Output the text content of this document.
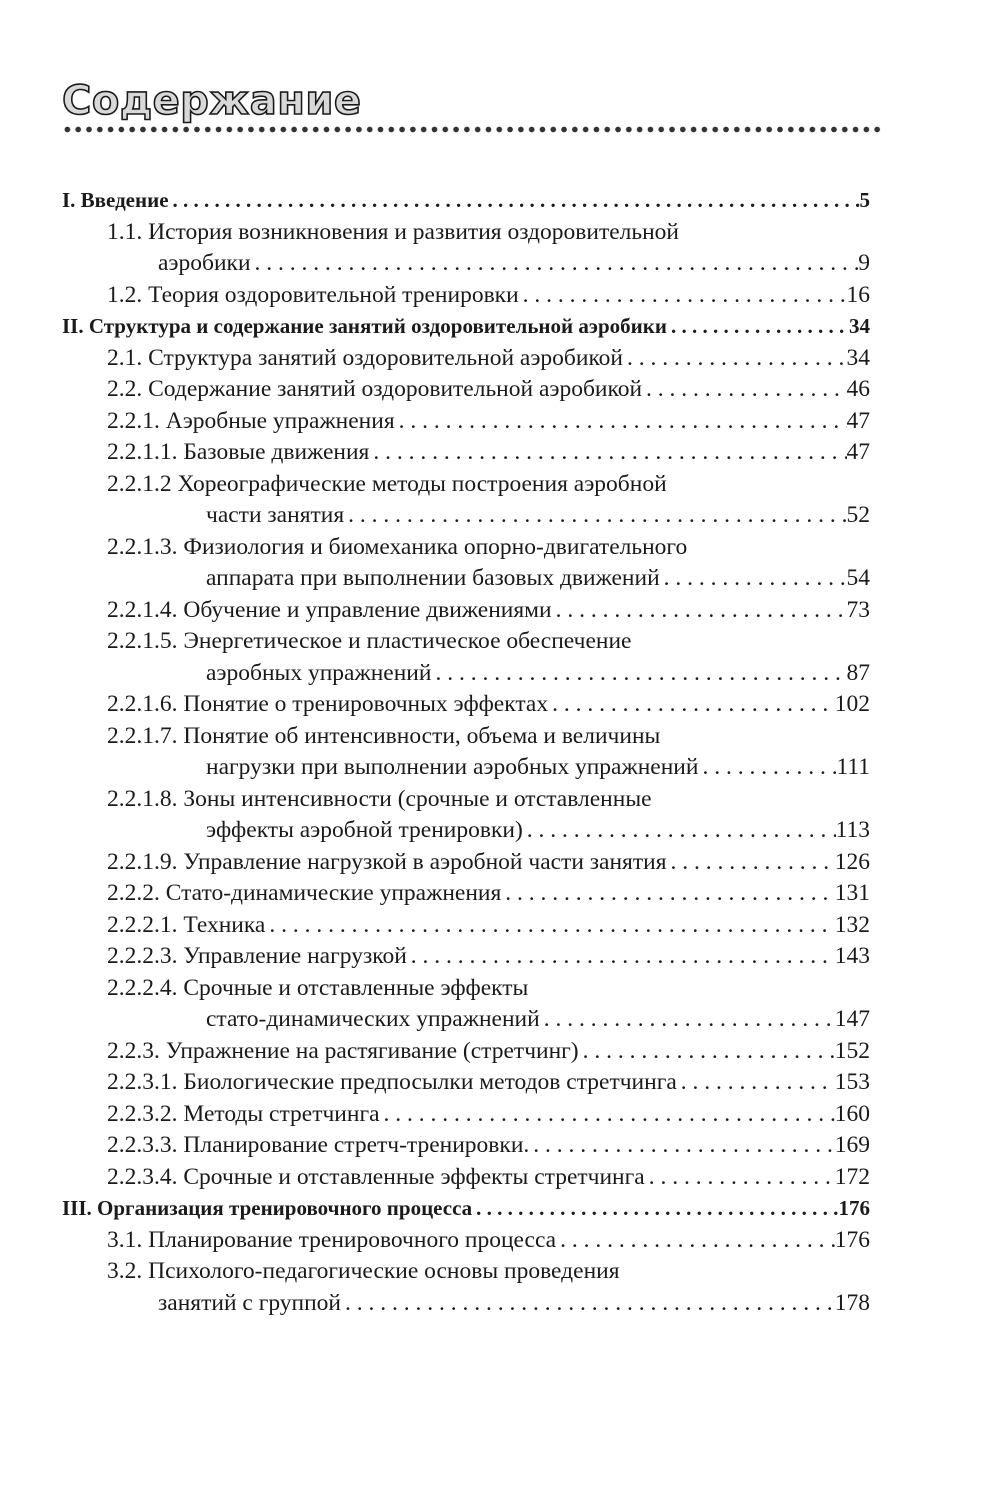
Содержание
I. Введение . . .	5
1.1. История возникновения и развития оздоровительной
аэробики . . .	9
1.2. Теория оздоровительной тренировки . . .	16
II. Структура и содержание занятий оздоровительной аэробики . . .	34
2.1. Структура занятий оздоровительной аэробикой . . .	34
2.2. Содержание занятий оздоровительной аэробикой . . .	46
2.2.1. Аэробные упражнения . . .	47
2.2.1.1. Базовые движения . . .	47
2.2.1.2 Хореографические методы построения аэробной
части занятия . . .	52
2.2.1.3. Физиология и биомеханика опорно-двигательного
аппарата при выполнении базовых движений . . .	54
2.2.1.4. Обучение и управление движениями . . .	73
2.2.1.5. Энергетическое и пластическое обеспечение
аэробных упражнений . . .	87
2.2.1.6. Понятие о тренировочных эффектах . . .	102
2.2.1.7. Понятие об интенсивности, объема и величины
нагрузки при выполнении аэробных упражнений . . .	111
2.2.1.8. Зоны интенсивности (срочные и отставленные
эффекты аэробной тренировки) . . .	113
2.2.1.9. Управление нагрузкой в аэробной части занятия . . .	126
2.2.2. Стато-динамические упражнения . . .	131
2.2.2.1. Техника . . .	132
2.2.2.3. Управление нагрузкой . . .	143
2.2.2.4. Срочные и отставленные эффекты
стато-динамических упражнений . . .	147
2.2.3. Упражнение на растягивание (стретчинг) . . .	152
2.2.3.1. Биологические предпосылки методов стретчинга . . .	153
2.2.3.2. Методы стретчинга . . .	160
2.2.3.3. Планирование стретч-тренировки. . . .	169
2.2.3.4. Срочные и отставленные эффекты стретчинга . . .	172
III. Организация тренировочного процесса . . .	176
3.1. Планирование тренировочного процесса . . .	176
3.2. Психолого-педагогические основы проведения
занятий с группой . . .	178
